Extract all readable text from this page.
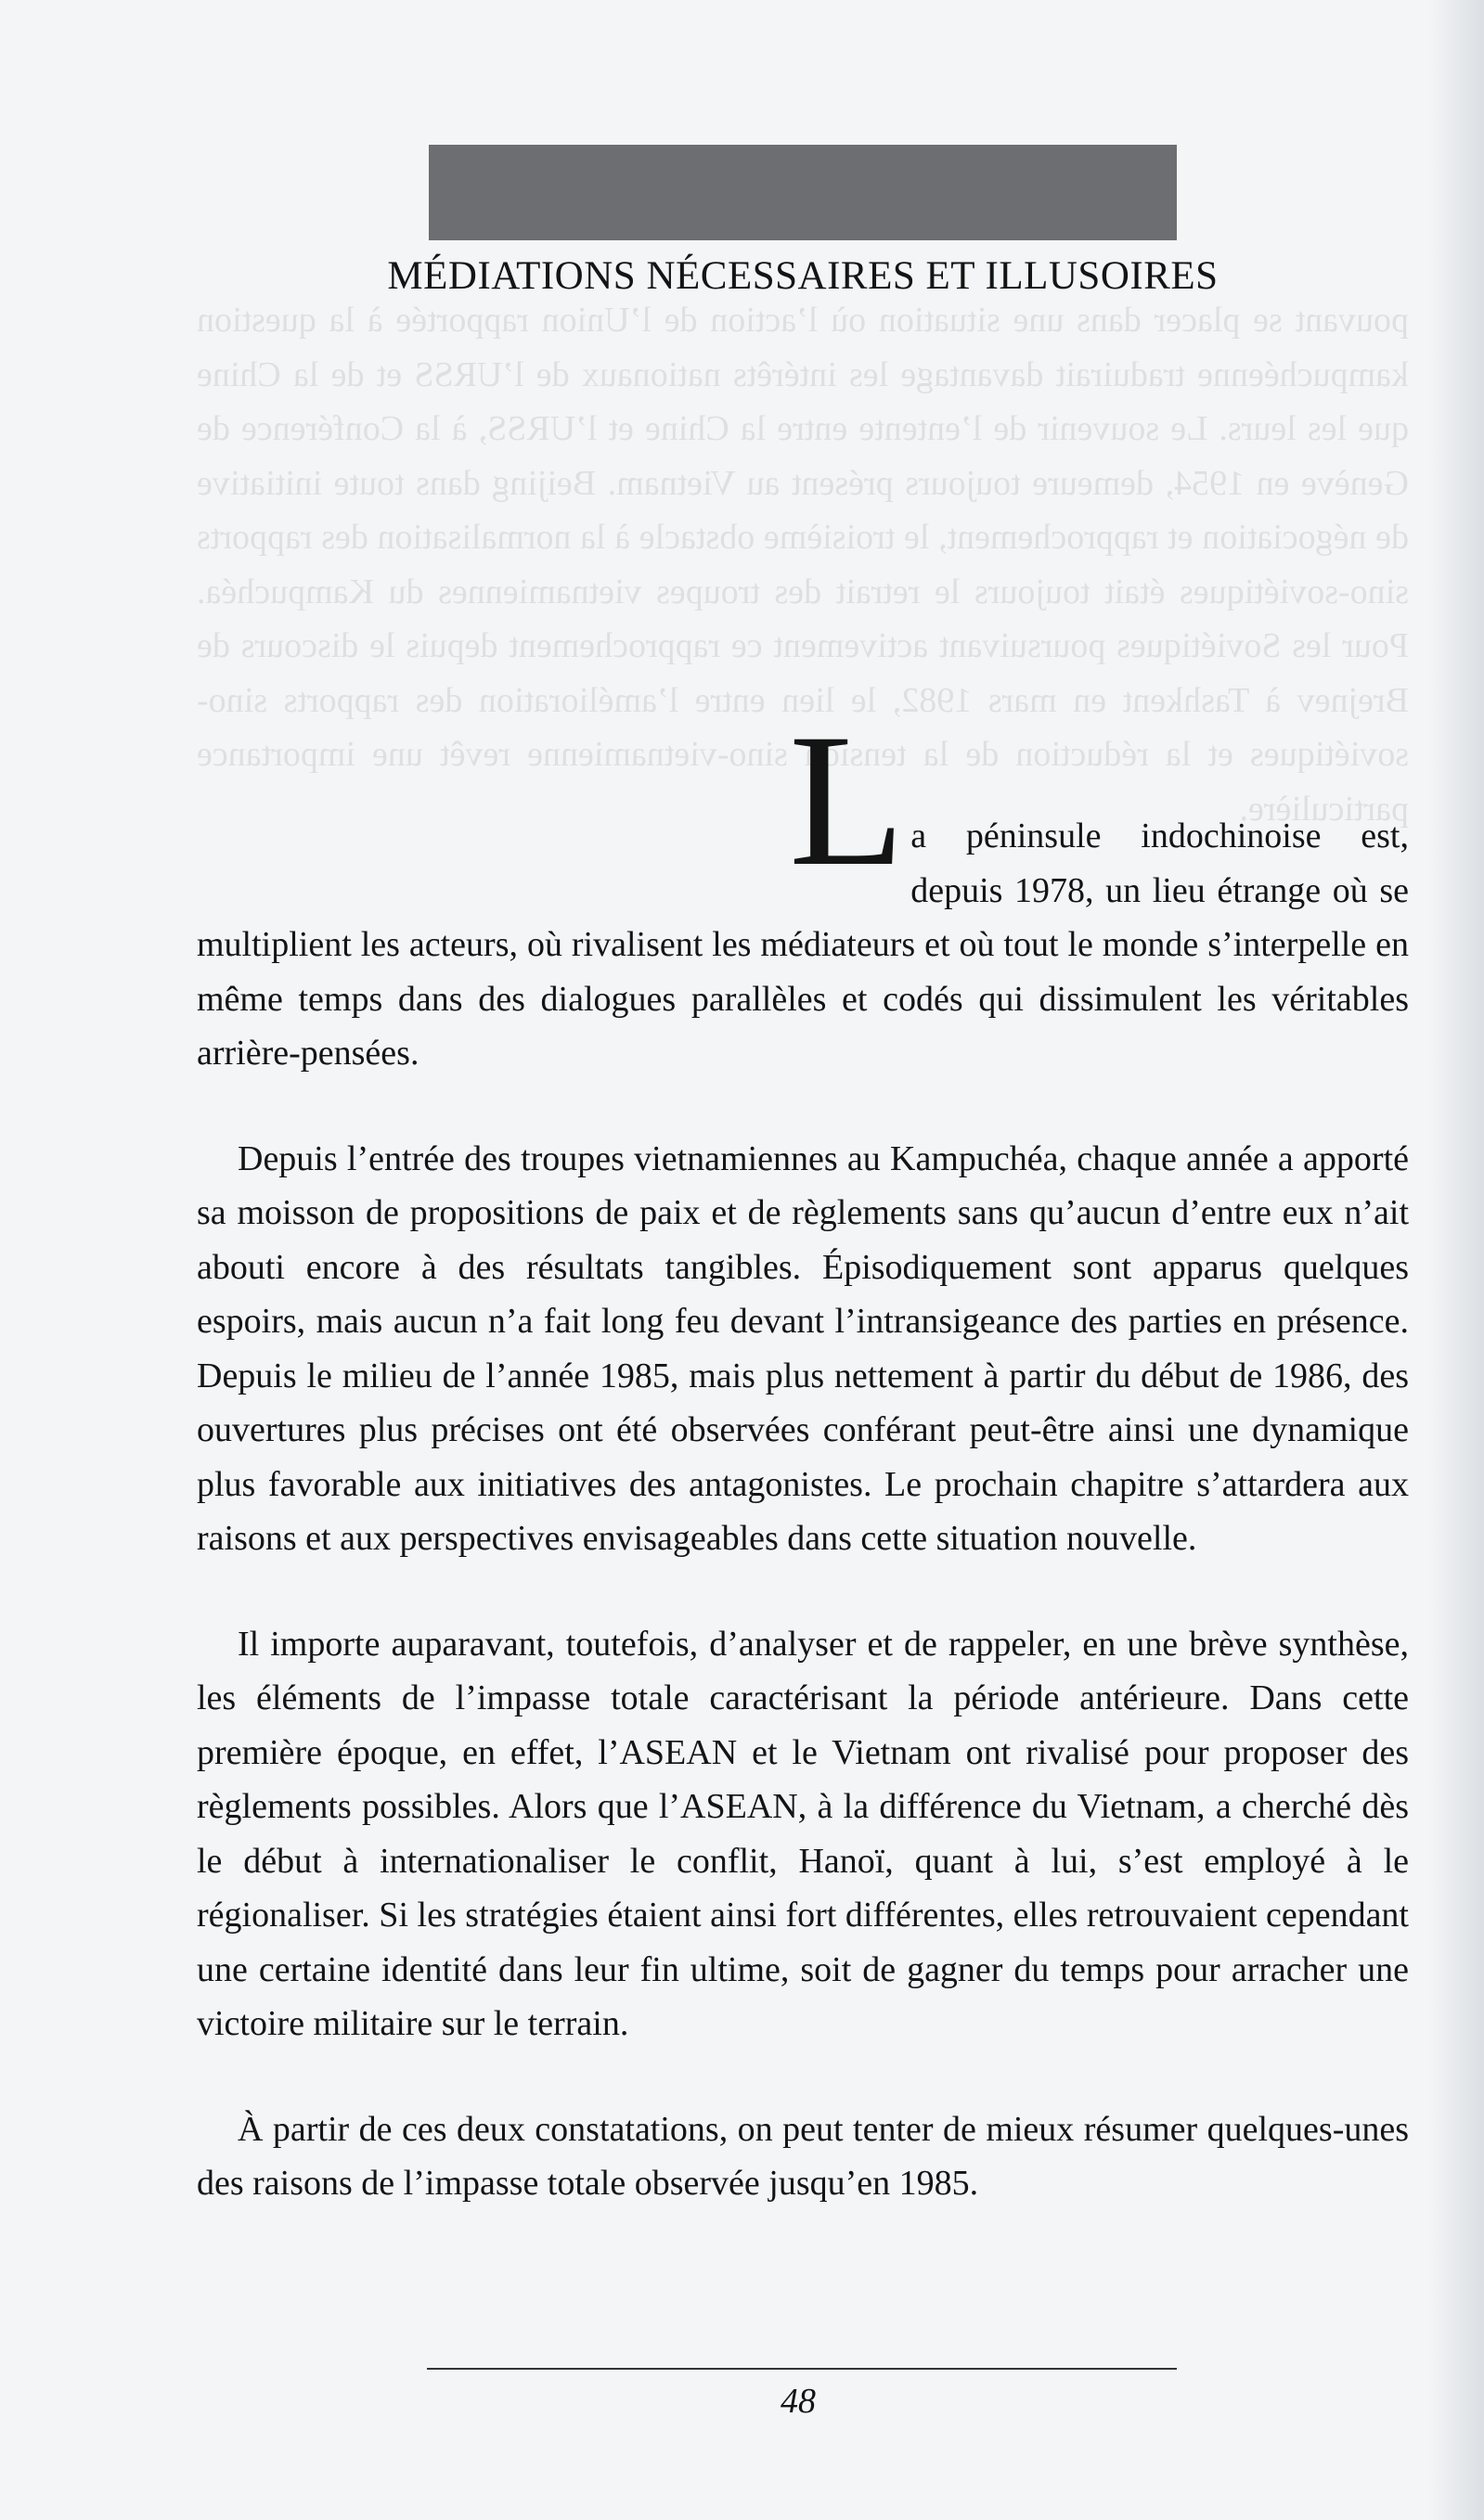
pouvant se placer dans une situation où l’action de l’Union rapportée à la question kampuchéenne traduirait davantage les intérêts nationaux de l’URSS et de la Chine que les leurs. Le souvenir de l’entente entre la Chine et l’URSS, à la Conférence de Genève en 1954, demeure toujours présent au Vietnam. Beijing dans toute initiative de négociation et rapprochement, le troisième obstacle à la normalisation des rapports sino-soviétiques était toujours le retrait des troupes vietnamiennes du Kampuchéa. Pour les Soviétiques poursuivant activement ce rapprochement depuis le discours de Brejnev à Tashkent en mars 1982, le lien entre l’amélioration des rapports sino-soviétiques et la réduction de la tension sino-vietnamienne revêt une importance particulière.

MÉDIATIONS NÉCESSAIRES ET ILLUSOIRES

La péninsule indochinoise est, depuis 1978, un lieu étrange où se multiplient les acteurs, où rivalisent les médiateurs et où tout le monde s’interpelle en même temps dans des dialogues parallèles et codés qui dissimulent les véritables arrière-pensées.

Depuis l’entrée des troupes vietnamiennes au Kampuchéa, chaque année a apporté sa moisson de propositions de paix et de règlements sans qu’aucun d’entre eux n’ait abouti encore à des résultats tangibles. Épisodiquement sont apparus quelques espoirs, mais aucun n’a fait long feu devant l’intransigeance des parties en présence. Depuis le milieu de l’année 1985, mais plus nettement à partir du début de 1986, des ouvertures plus précises ont été observées conférant peut-être ainsi une dynamique plus favorable aux initiatives des antagonistes. Le prochain chapitre s’attardera aux raisons et aux perspectives envisageables dans cette situation nouvelle.

Il importe auparavant, toutefois, d’analyser et de rappeler, en une brève synthèse, les éléments de l’impasse totale caractérisant la période antérieure. Dans cette première époque, en effet, l’ASEAN et le Vietnam ont rivalisé pour proposer des règlements possibles. Alors que l’ASEAN, à la différence du Vietnam, a cherché dès le début à internationaliser le conflit, Hanoï, quant à lui, s’est employé à le régionaliser. Si les stratégies étaient ainsi fort différentes, elles retrouvaient cependant une certaine identité dans leur fin ultime, soit de gagner du temps pour arracher une victoire militaire sur le terrain.

À partir de ces deux constatations, on peut tenter de mieux résumer quelques-unes des raisons de l’impasse totale observée jusqu’en 1985.

48
